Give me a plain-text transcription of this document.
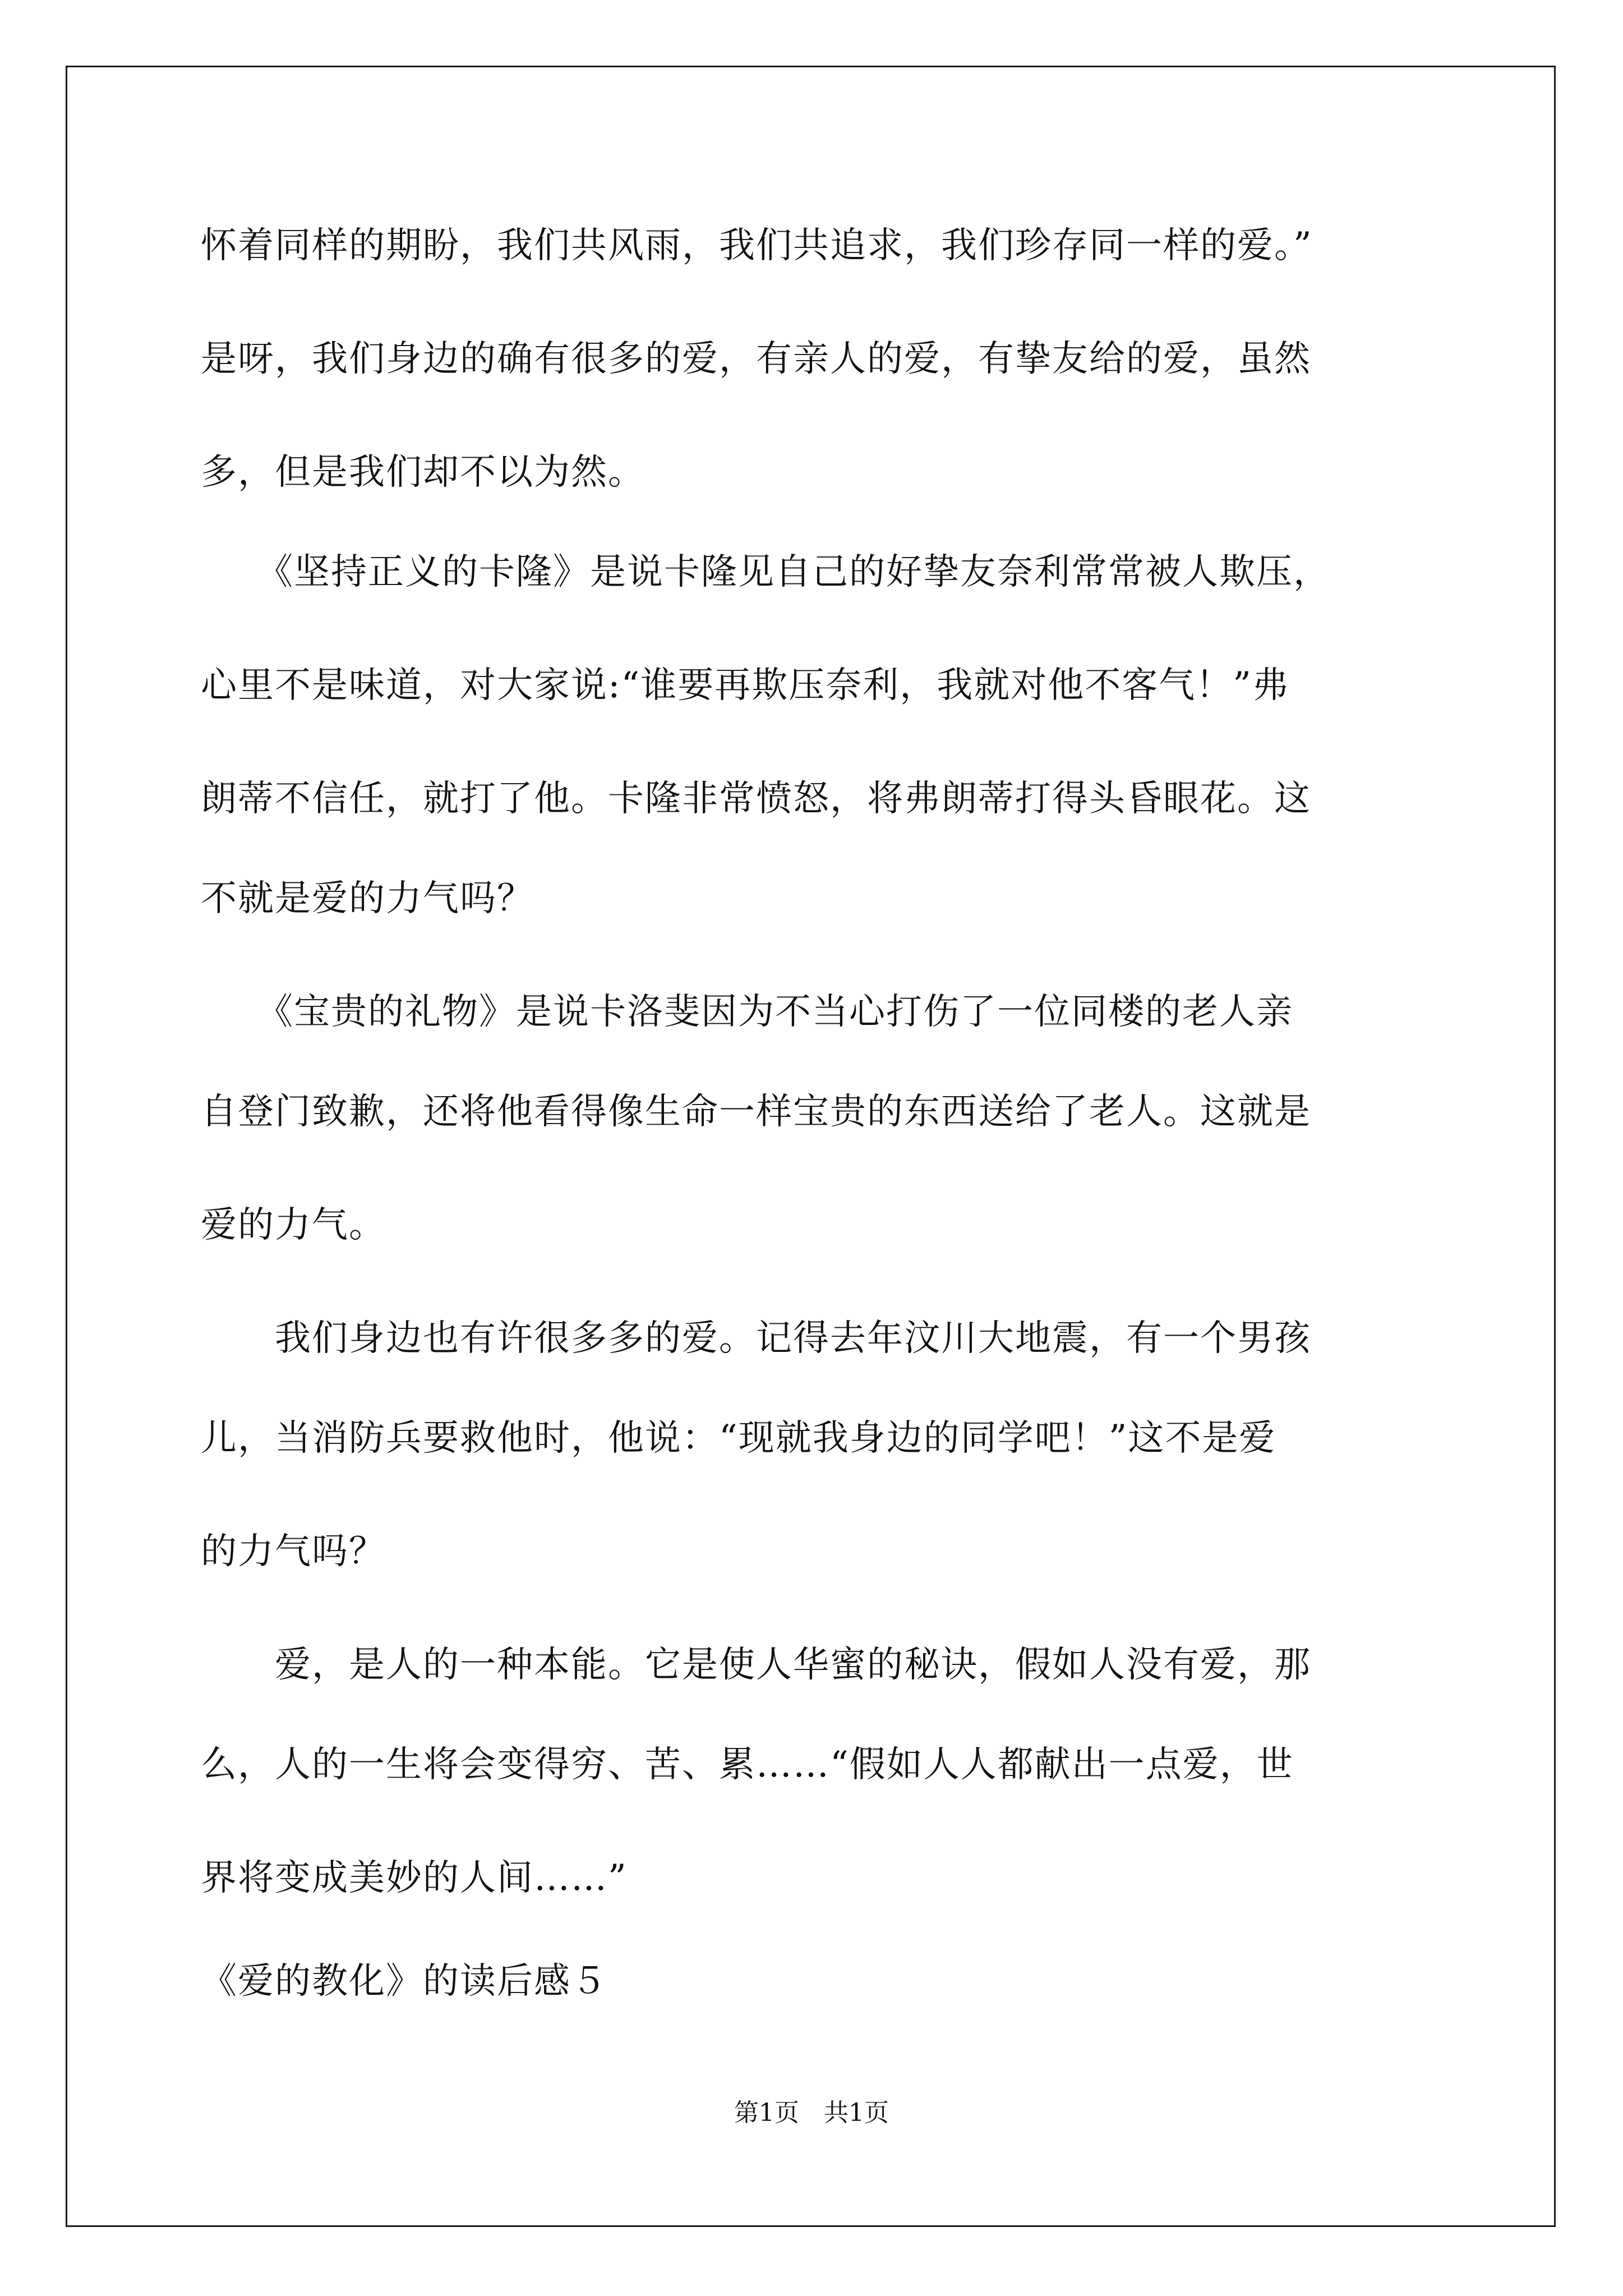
怀着同样的期盼，我们共风雨，我们共追求，我们珍存同一样的爱。”
是呀，我们身边的确有很多的爱，有亲人的爱，有挚友给的爱，虽然
多，但是我们却不以为然。
　　《坚持正义的卡隆》是说卡隆见自己的好挚友奈利常常被人欺压，
心里不是味道，对大家说:“谁要再欺压奈利，我就对他不客气！”弗
朗蒂不信任，就打了他。卡隆非常愤怒，将弗朗蒂打得头昏眼花。这
不就是爱的力气吗？
　　《宝贵的礼物》是说卡洛斐因为不当心打伤了一位同楼的老人亲
自登门致歉，还将他看得像生命一样宝贵的东西送给了老人。这就是
爱的力气。
　　我们身边也有许很多多的爱。记得去年汶川大地震，有一个男孩
儿，当消防兵要救他时，他说：“现就我身边的同学吧！”这不是爱
的力气吗？
　　爱，是人的一种本能。它是使人华蜜的秘诀，假如人没有爱，那
么，人的一生将会变得穷、苦、累……“假如人人都献出一点爱，世
界将变成美妙的人间……”
《爱的教化》的读后感５
第1页　共1页
